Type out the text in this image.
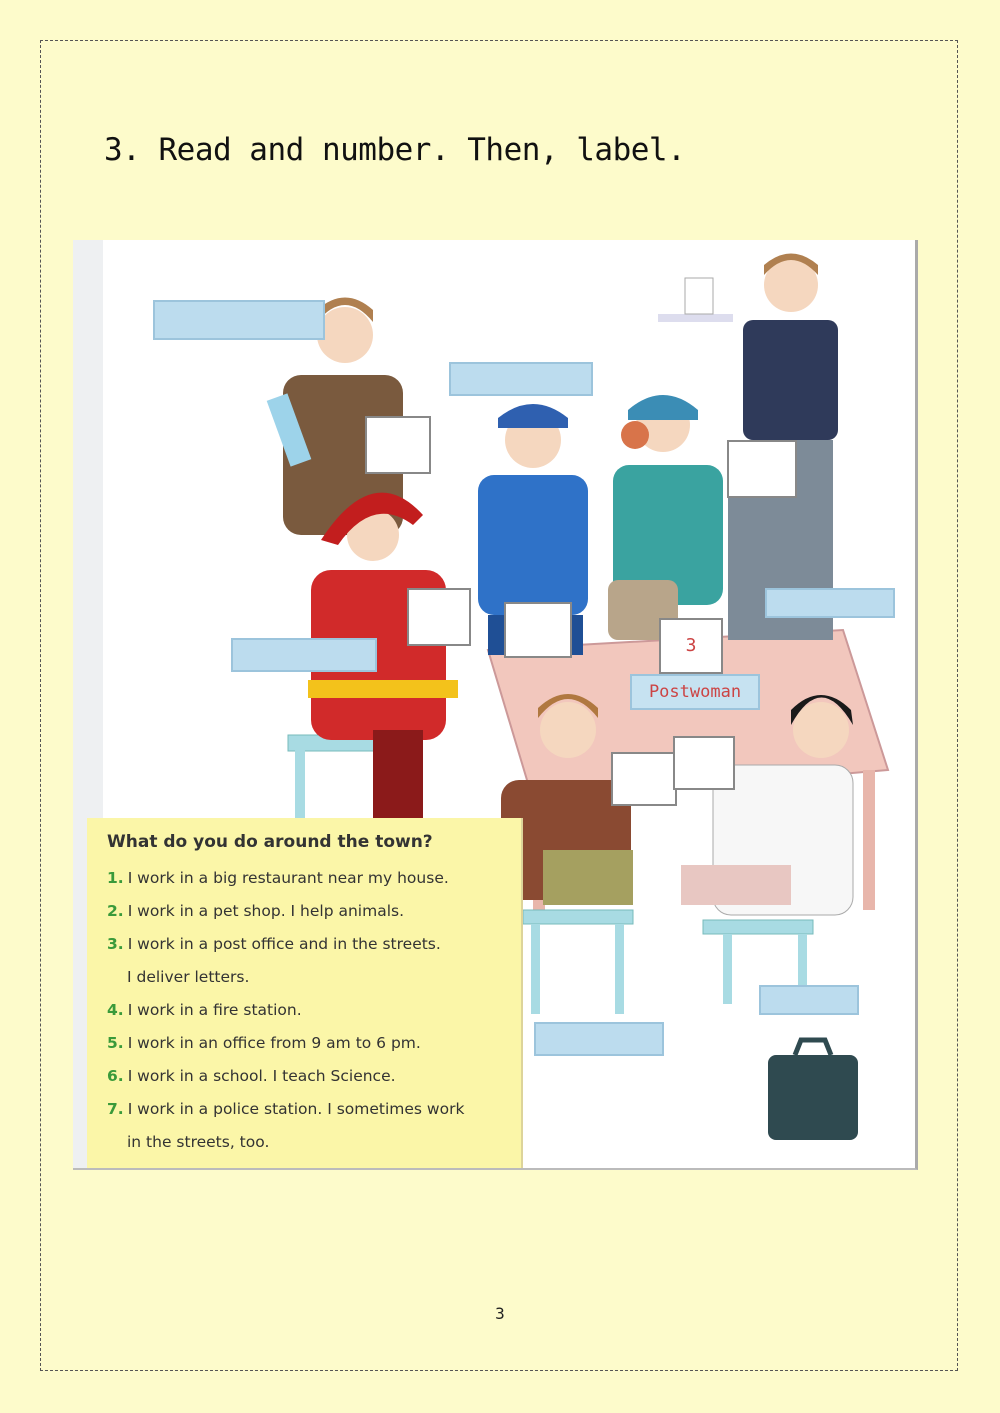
3. Read and number. Then, label.
3
Postwoman

What do you do around the town?

1. I work in a big restaurant near my house.

2. I work in a pet shop. I help animals.

3. I work in a post office and in the streets.

I deliver letters.

4. I work in a fire station.

5. I work in an office from 9 am to 6 pm.

6. I work in a school. I teach Science.

7. I work in a police station. I sometimes work

in the streets, too.

3
